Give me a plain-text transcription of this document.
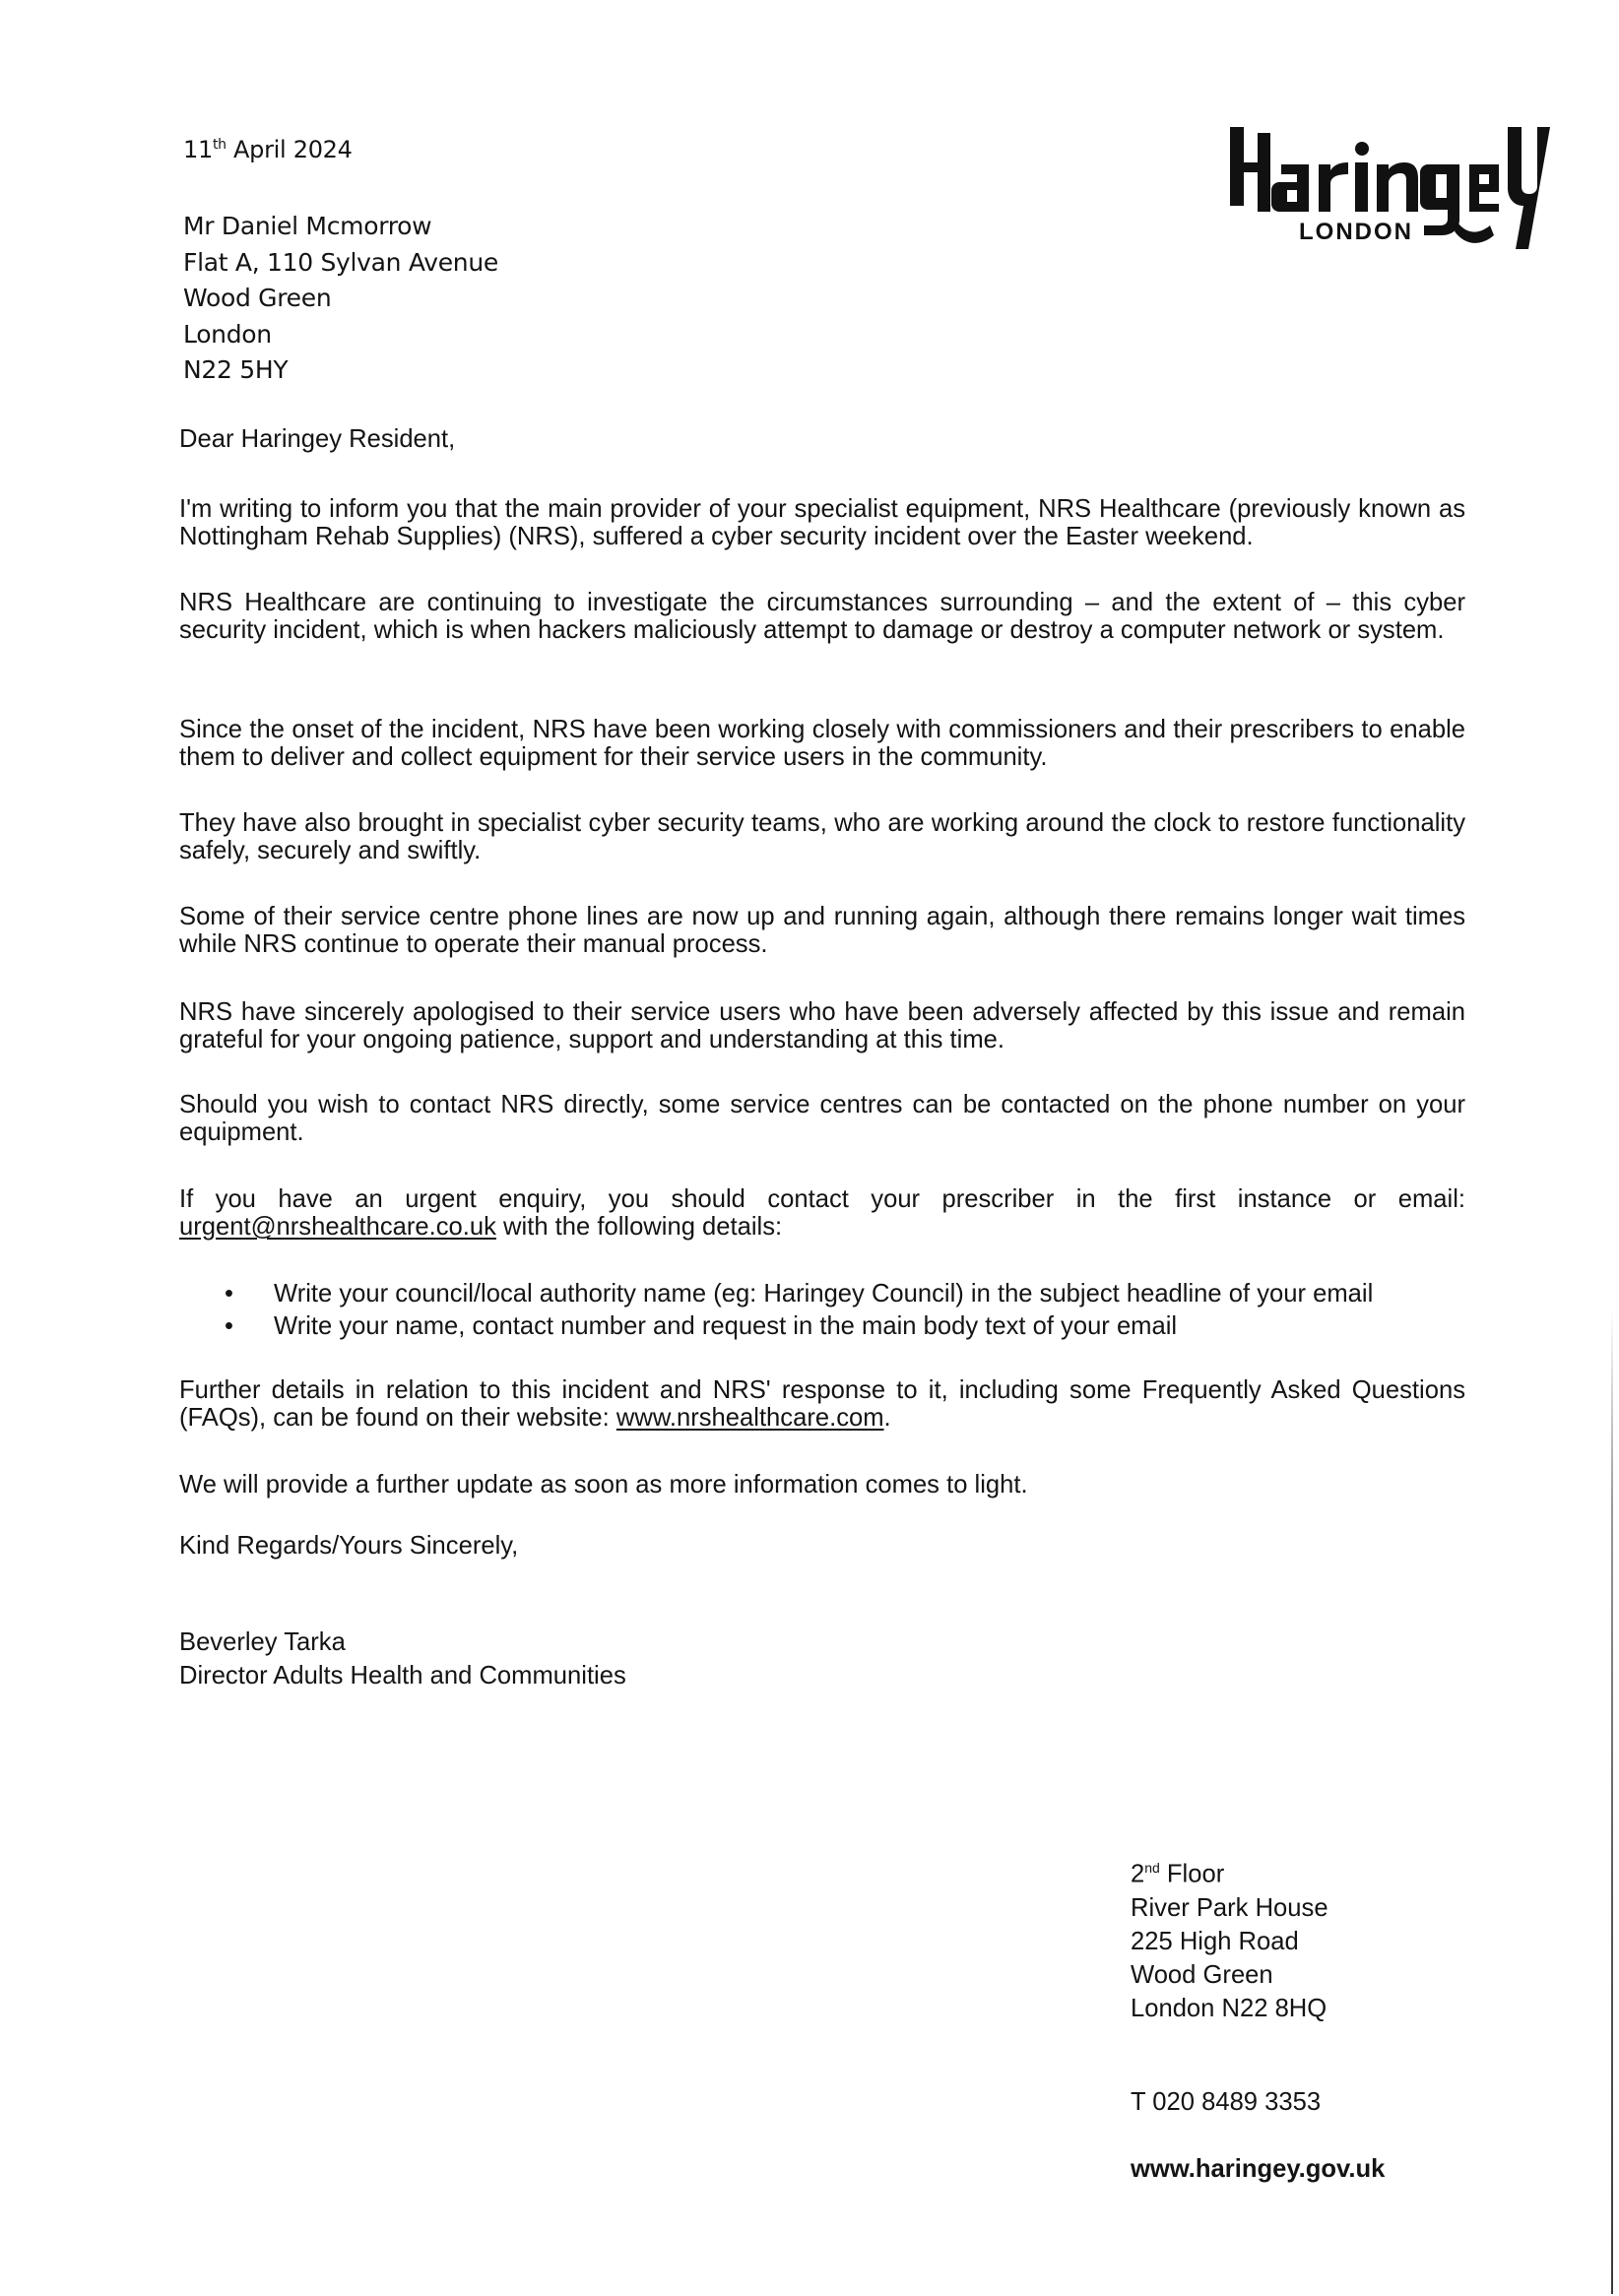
LONDON
11th April 2024
Mr Daniel Mcmorrow
Flat A, 110 Sylvan Avenue
Wood Green
London
N22 5HY
Dear Haringey Resident,
I'm writing to inform you that the main provider of your specialist equipment, NRS Healthcare (previously known as Nottingham Rehab Supplies) (NRS), suffered a cyber security incident over the Easter weekend.
NRS Healthcare are continuing to investigate the circumstances surrounding – and the extent of – this cyber security incident, which is when hackers maliciously attempt to damage or destroy a computer network or system.
Since the onset of the incident, NRS have been working closely with commissioners and their prescribers to enable them to deliver and collect equipment for their service users in the community.
They have also brought in specialist cyber security teams, who are working around the clock to restore functionality safely, securely and swiftly.
Some of their service centre phone lines are now up and running again, although there remains longer wait times while NRS continue to operate their manual process.
NRS have sincerely apologised to their service users who have been adversely affected by this issue and remain grateful for your ongoing patience, support and understanding at this time.
Should you wish to contact NRS directly, some service centres can be contacted on the phone number on your equipment.
If you have an urgent enquiry, you should contact your prescriber in the first instance or email: urgent@nrshealthcare.co.uk with the following details:
• Write your council/local authority name (eg: Haringey Council) in the subject headline of your email
• Write your name, contact number and request in the main body text of your email
Further details in relation to this incident and NRS' response to it, including some Frequently Asked Questions (FAQs), can be found on their website: www.nrshealthcare.com.
We will provide a further update as soon as more information comes to light.
Kind Regards/Yours Sincerely,
Beverley Tarka
Director Adults Health and Communities
2nd Floor
River Park House
225 High Road
Wood Green
London N22 8HQ
T 020 8489 3353
www.haringey.gov.uk
